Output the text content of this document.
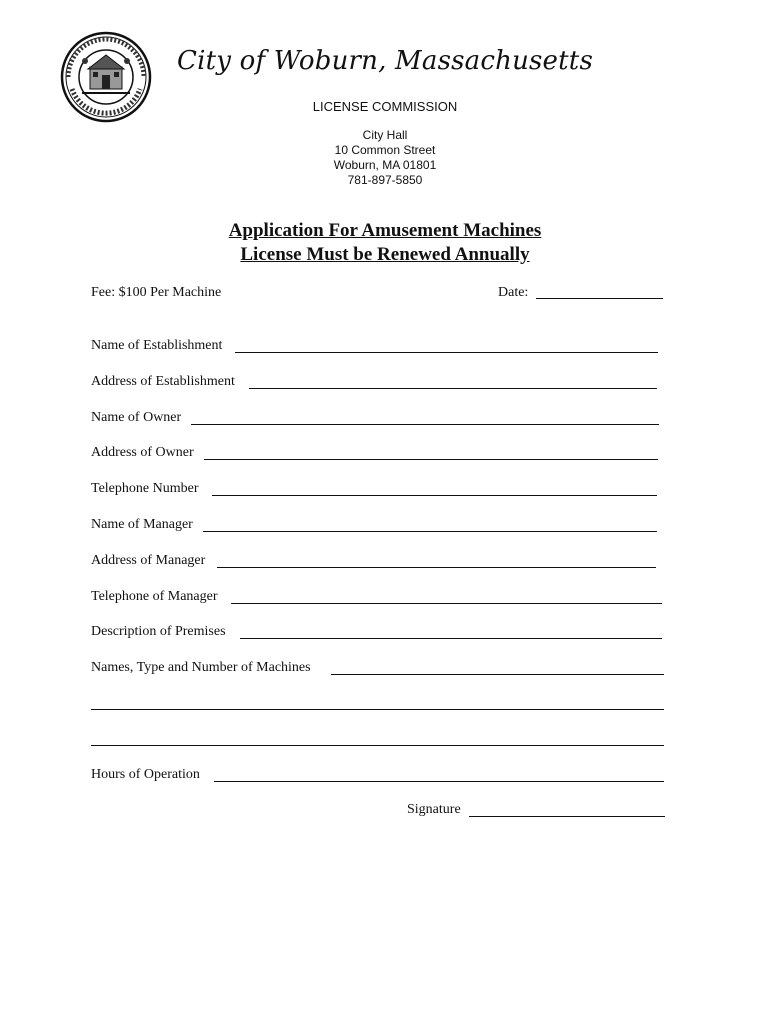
City of Woburn, Massachusetts
LICENSE COMMISSION
City Hall
10 Common Street
Woburn, MA 01801
781-897-5850
Application For Amusement Machines
License Must be Renewed Annually
Fee: $100 Per Machine	Date:
Name of Establishment
Address of Establishment
Name of Owner
Address of Owner
Telephone Number
Name of Manager
Address of Manager
Telephone of Manager
Description of Premises
Names, Type and Number of Machines
Hours of Operation
Signature
